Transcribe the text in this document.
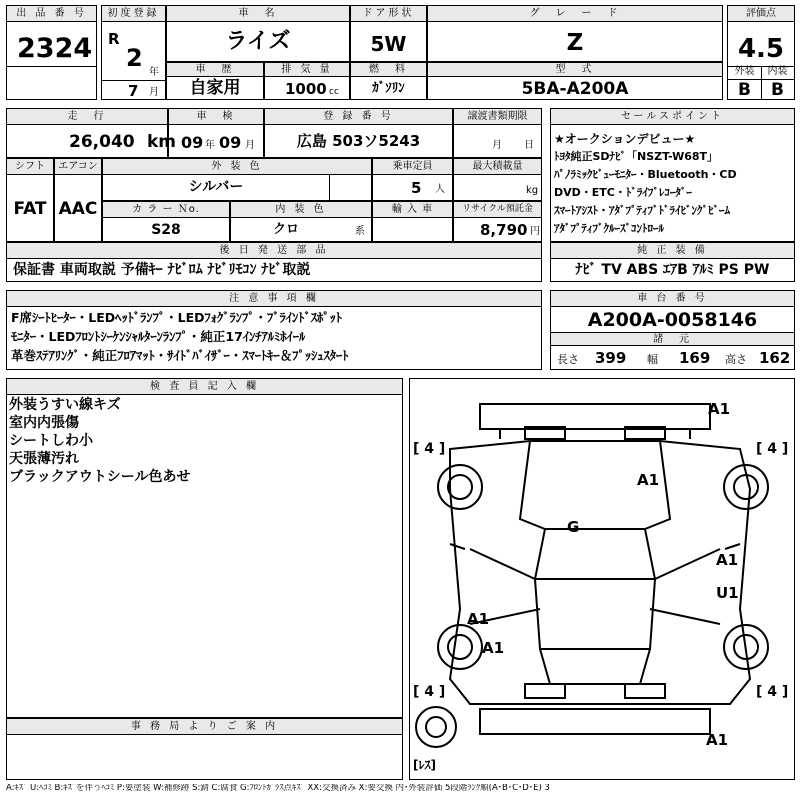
出 品 番 号
2324
初度登録
R
2
年
7 月
車　名
ライズ
ドア形状
5W
グ　レ　ー　ド
Z
評価点
4.5
外装	内装
B	B
車　歴
自家用
排 気 量
1000 cc
燃　料
ｶﾞｿﾘﾝ
型　式
5BA-A200A
走　行
26,040 km
車　検
09 年 09 月
登 録 番 号
広島 503ソ5243
譲渡書類期限
月 日
シフト
FAT
エアコン
AAC
外 装 色
シルバー
乗車定員
5 人
最大積載量
kg
カ ラ ー Ｎo.
S28
内 装 色
クロ	系
輸 入 車	リサイクル預託金
8,790 円
後 日 発 送 部 品
保証書 車両取説 予備ｷｰ ﾅﾋﾞﾛﾑ ﾅﾋﾞﾘﾓｺﾝ ﾅﾋﾞ取説
セールスポイント
★オークションデビュー★
ﾄﾖﾀ純正SDﾅﾋﾞ「NSZT-W68T」
ﾊﾟﾉﾗﾐｯｸﾋﾞｭｰﾓﾆﾀｰ・Bluetooth・CD
DVD・ETC・ﾄﾞﾗｲﾌﾞﾚｺｰﾀﾞｰ
ｽﾏｰﾄｱｼｽﾄ・ｱﾀﾞﾌﾟﾃｨﾌﾞﾄﾞﾗｲﾋﾞﾝｸﾞﾋﾞｰﾑ
ｱﾀﾞﾌﾟﾃｨﾌﾞｸﾙｰｽﾞｺﾝﾄﾛｰﾙ
純 正 装 備
ﾅﾋﾞ TV ABS ｴｱB ｱﾙﾐ PS PW
注 意 事 項 欄
F席ｼｰﾄﾋｰﾀｰ・LEDﾍｯﾄﾞﾗﾝﾌﾟ・LEDﾌｫｸﾞﾗﾝﾌﾟ・ﾌﾞﾗｲﾝﾄﾞｽﾎﾟｯﾄ
ﾓﾆﾀｰ・LEDﾌﾛﾝﾄｼｰｹﾝｼｬﾙﾀｰﾝﾗﾝﾌﾟ・純正17ｲﾝﾁｱﾙﾐﾎｲｰﾙ
革巻ｽﾃｱﾘﾝｸﾞ・純正ﾌﾛｱﾏｯﾄ・ｻｲﾄﾞﾊﾞｲｻﾞｰ・ｽﾏｰﾄｷｰ＆ﾌﾟｯｼｭｽﾀｰﾄ
車 台 番 号
A200A-0058146
諸　元
長さ 399 幅 169 高さ 162
検 査 員 記 入 欄
外装うすい線キズ
室内内張傷
シートしわ小
天張薄汚れ
ブラックアウトシール色あせ
事 務 局 よ り ご 案 内
A1
A1
G
A1
U1
A1
A1
A1
[ 4 ]	[ 4 ]
[ 4 ]	[ 4 ]
[ﾚｽ]
A:ｷｽﾞ U:ﾍｺﾐ B:ｷｽﾞを伴うﾍｺﾐ P:要塗装 W:補修跡 S:錆 C:腐食 G:ﾌﾛﾝﾄｶﾞﾗｽ点ｷｽﾞ XX:交換済み X:要交換 内･外装評価 5段階ﾗﾝｸ順(A･B･C･D･E) 3
